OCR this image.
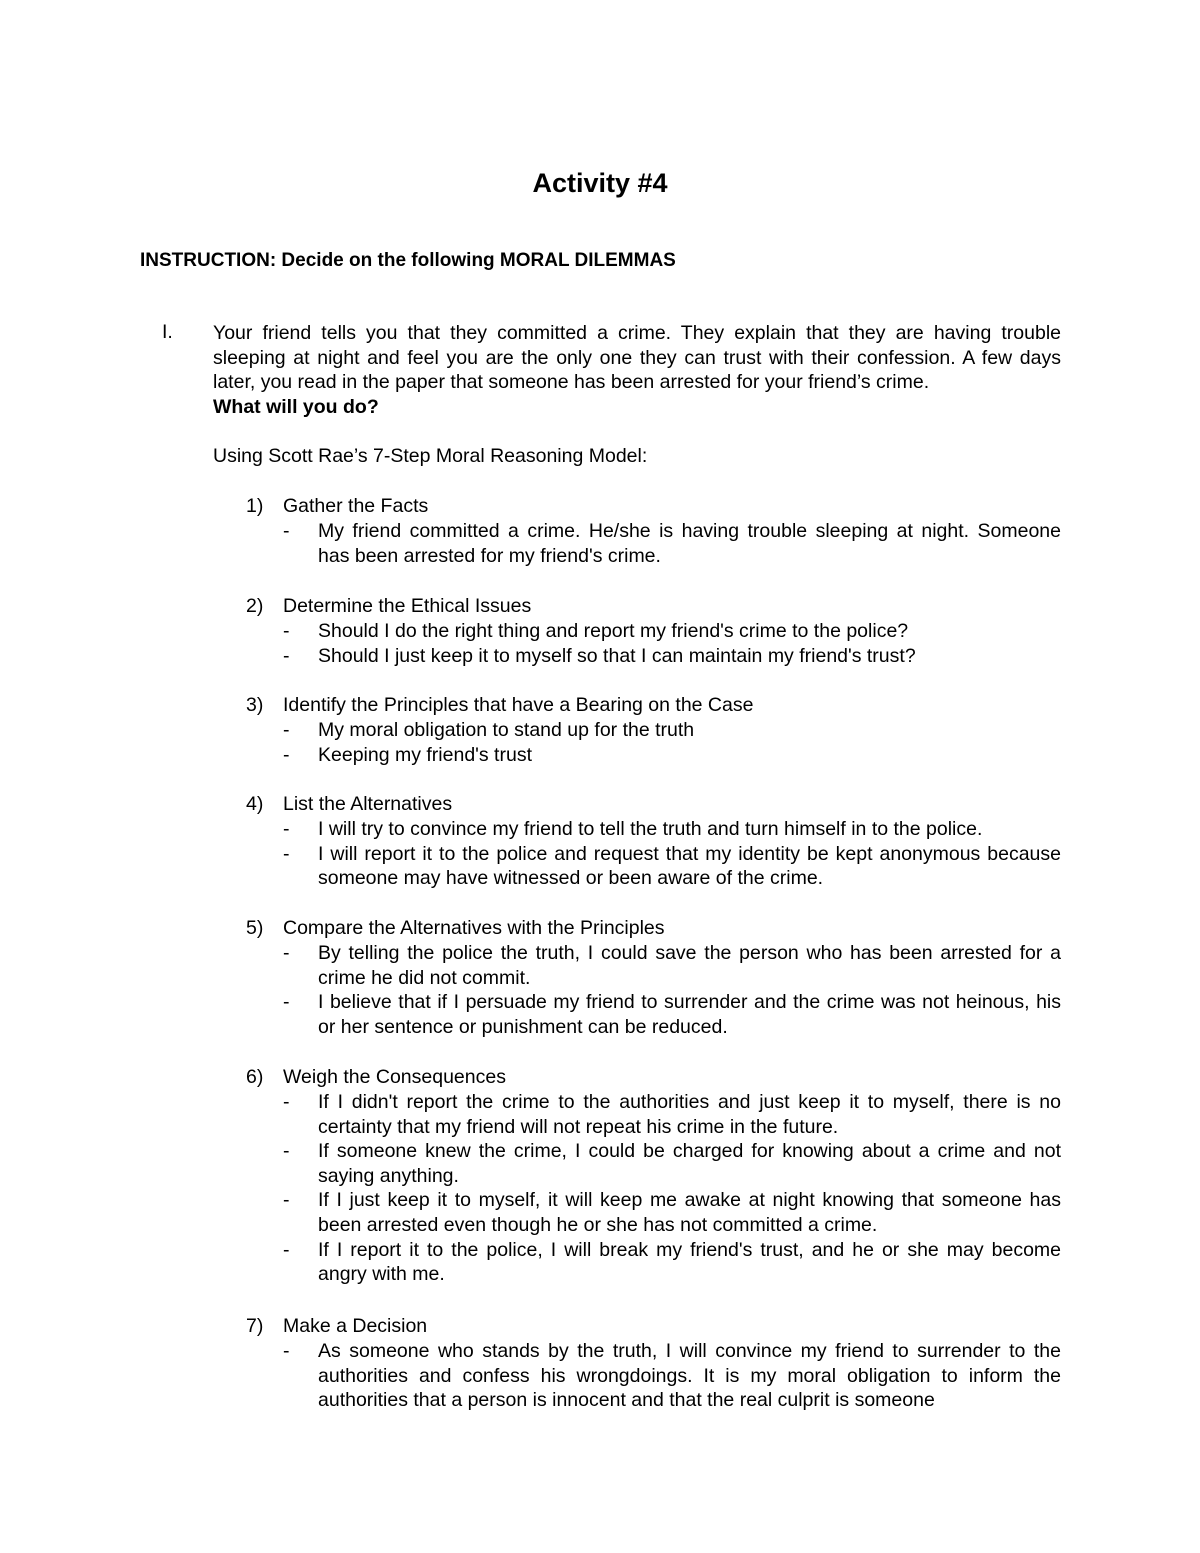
Activity #4
INSTRUCTION: Decide on the following MORAL DILEMMAS
I. Your friend tells you that they committed a crime. They explain that they are having trouble sleeping at night and feel you are the only one they can trust with their confession. A few days later, you read in the paper that someone has been arrested for your friend’s crime.
What will you do?
Using Scott Rae’s 7-Step Moral Reasoning Model:
1) Gather the Facts
- My friend committed a crime. He/she is having trouble sleeping at night. Someone has been arrested for my friend's crime.
2) Determine the Ethical Issues
- Should I do the right thing and report my friend's crime to the police?
- Should I just keep it to myself so that I can maintain my friend's trust?
3) Identify the Principles that have a Bearing on the Case
- My moral obligation to stand up for the truth
- Keeping my friend's trust
4) List the Alternatives
- I will try to convince my friend to tell the truth and turn himself in to the police.
- I will report it to the police and request that my identity be kept anonymous because someone may have witnessed or been aware of the crime.
5) Compare the Alternatives with the Principles
- By telling the police the truth, I could save the person who has been arrested for a crime he did not commit.
- I believe that if I persuade my friend to surrender and the crime was not heinous, his or her sentence or punishment can be reduced.
6) Weigh the Consequences
- If I didn't report the crime to the authorities and just keep it to myself, there is no certainty that my friend will not repeat his crime in the future.
- If someone knew the crime, I could be charged for knowing about a crime and not saying anything.
- If I just keep it to myself, it will keep me awake at night knowing that someone has been arrested even though he or she has not committed a crime.
- If I report it to the police, I will break my friend's trust, and he or she may become angry with me.
7) Make a Decision
- As someone who stands by the truth, I will convince my friend to surrender to the authorities and confess his wrongdoings. It is my moral obligation to inform the authorities that a person is innocent and that the real culprit is someone
